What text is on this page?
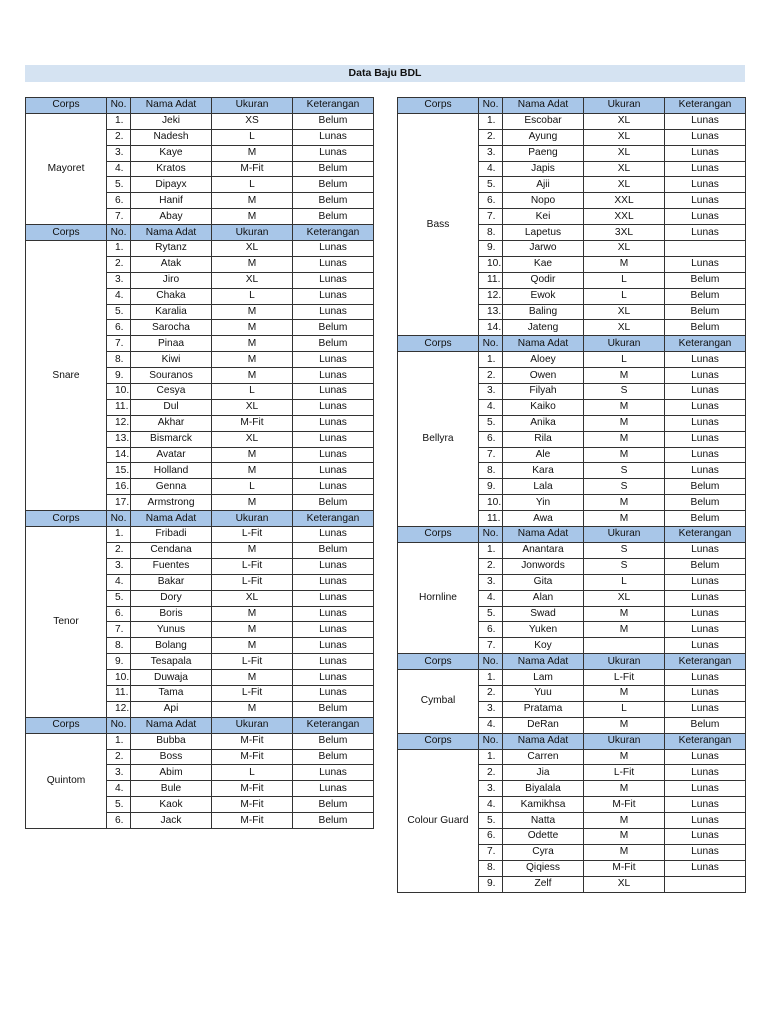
Data Baju BDL
Corps	No.	Nama Adat	Ukuran	Keterangan
Mayoret	1.	Jeki	XS	Belum
	2.	Nadesh	L	Lunas
	3.	Kaye	M	Lunas
	4.	Kratos	M-Fit	Belum
	5.	Dipayx	L	Belum
	6.	Hanif	M	Belum
	7.	Abay	M	Belum
Corps	No.	Nama Adat	Ukuran	Keterangan
Snare	1.	Rytanz	XL	Lunas
	2.	Atak	M	Lunas
	3.	Jiro	XL	Lunas
	4.	Chaka	L	Lunas
	5.	Karalia	M	Lunas
	6.	Sarocha	M	Belum
	7.	Pinaa	M	Belum
	8.	Kiwi	M	Lunas
	9.	Souranos	M	Lunas
	10.	Cesya	L	Lunas
	11.	Dul	XL	Lunas
	12.	Akhar	M-Fit	Lunas
	13.	Bismarck	XL	Lunas
	14.	Avatar	M	Lunas
	15.	Holland	M	Lunas
	16.	Genna	L	Lunas
	17.	Armstrong	M	Belum
Corps	No.	Nama Adat	Ukuran	Keterangan
Tenor	1.	Fribadi	L-Fit	Lunas
	2.	Cendana	M	Belum
	3.	Fuentes	L-Fit	Lunas
	4.	Bakar	L-Fit	Lunas
	5.	Dory	XL	Lunas
	6.	Boris	M	Lunas
	7.	Yunus	M	Lunas
	8.	Bolang	M	Lunas
	9.	Tesapala	L-Fit	Lunas
	10.	Duwaja	M	Lunas
	11.	Tama	L-Fit	Lunas
	12.	Api	M	Belum
Corps	No.	Nama Adat	Ukuran	Keterangan
Quintom	1.	Bubba	M-Fit	Belum
	2.	Boss	M-Fit	Belum
	3.	Abim	L	Lunas
	4.	Bule	M-Fit	Lunas
	5.	Kaok	M-Fit	Belum
	6.	Jack	M-Fit	Belum
Corps	No.	Nama Adat	Ukuran	Keterangan
Bass	1.	Escobar	XL	Lunas
	2.	Ayung	XL	Lunas
	3.	Paeng	XL	Lunas
	4.	Japis	XL	Lunas
	5.	Ajii	XL	Lunas
	6.	Nopo	XXL	Lunas
	7.	Kei	XXL	Lunas
	8.	Lapetus	3XL	Lunas
	9.	Jarwo	XL	
	10.	Kae	M	Lunas
	11.	Qodir	L	Belum
	12.	Ewok	L	Belum
	13.	Baling	XL	Belum
	14.	Jateng	XL	Belum
Corps	No.	Nama Adat	Ukuran	Keterangan
Bellyra	1.	Aloey	L	Lunas
	2.	Owen	M	Lunas
	3.	Filyah	S	Lunas
	4.	Kaiko	M	Lunas
	5.	Anika	M	Lunas
	6.	Rila	M	Lunas
	7.	Ale	M	Lunas
	8.	Kara	S	Lunas
	9.	Lala	S	Belum
	10.	Yin	M	Belum
	11.	Awa	M	Belum
Corps	No.	Nama Adat	Ukuran	Keterangan
Hornline	1.	Anantara	S	Lunas
	2.	Jonwords	S	Belum
	3.	Gita	L	Lunas
	4.	Alan	XL	Lunas
	5.	Swad	M	Lunas
	6.	Yuken	M	Lunas
	7.	Koy		Lunas
Corps	No.	Nama Adat	Ukuran	Keterangan
Cymbal	1.	Lam	L-Fit	Lunas
	2.	Yuu	M	Lunas
	3.	Pratama	L	Lunas
	4.	DeRan	M	Belum
Corps	No.	Nama Adat	Ukuran	Keterangan
Colour Guard	1.	Carren	M	Lunas
	2.	Jia	L-Fit	Lunas
	3.	Biyalala	M	Lunas
	4.	Kamikhsa	M-Fit	Lunas
	5.	Natta	M	Lunas
	6.	Odette	M	Lunas
	7.	Cyra	M	Lunas
	8.	Qiqiess	M-Fit	Lunas
	9.	Zelf	XL	
